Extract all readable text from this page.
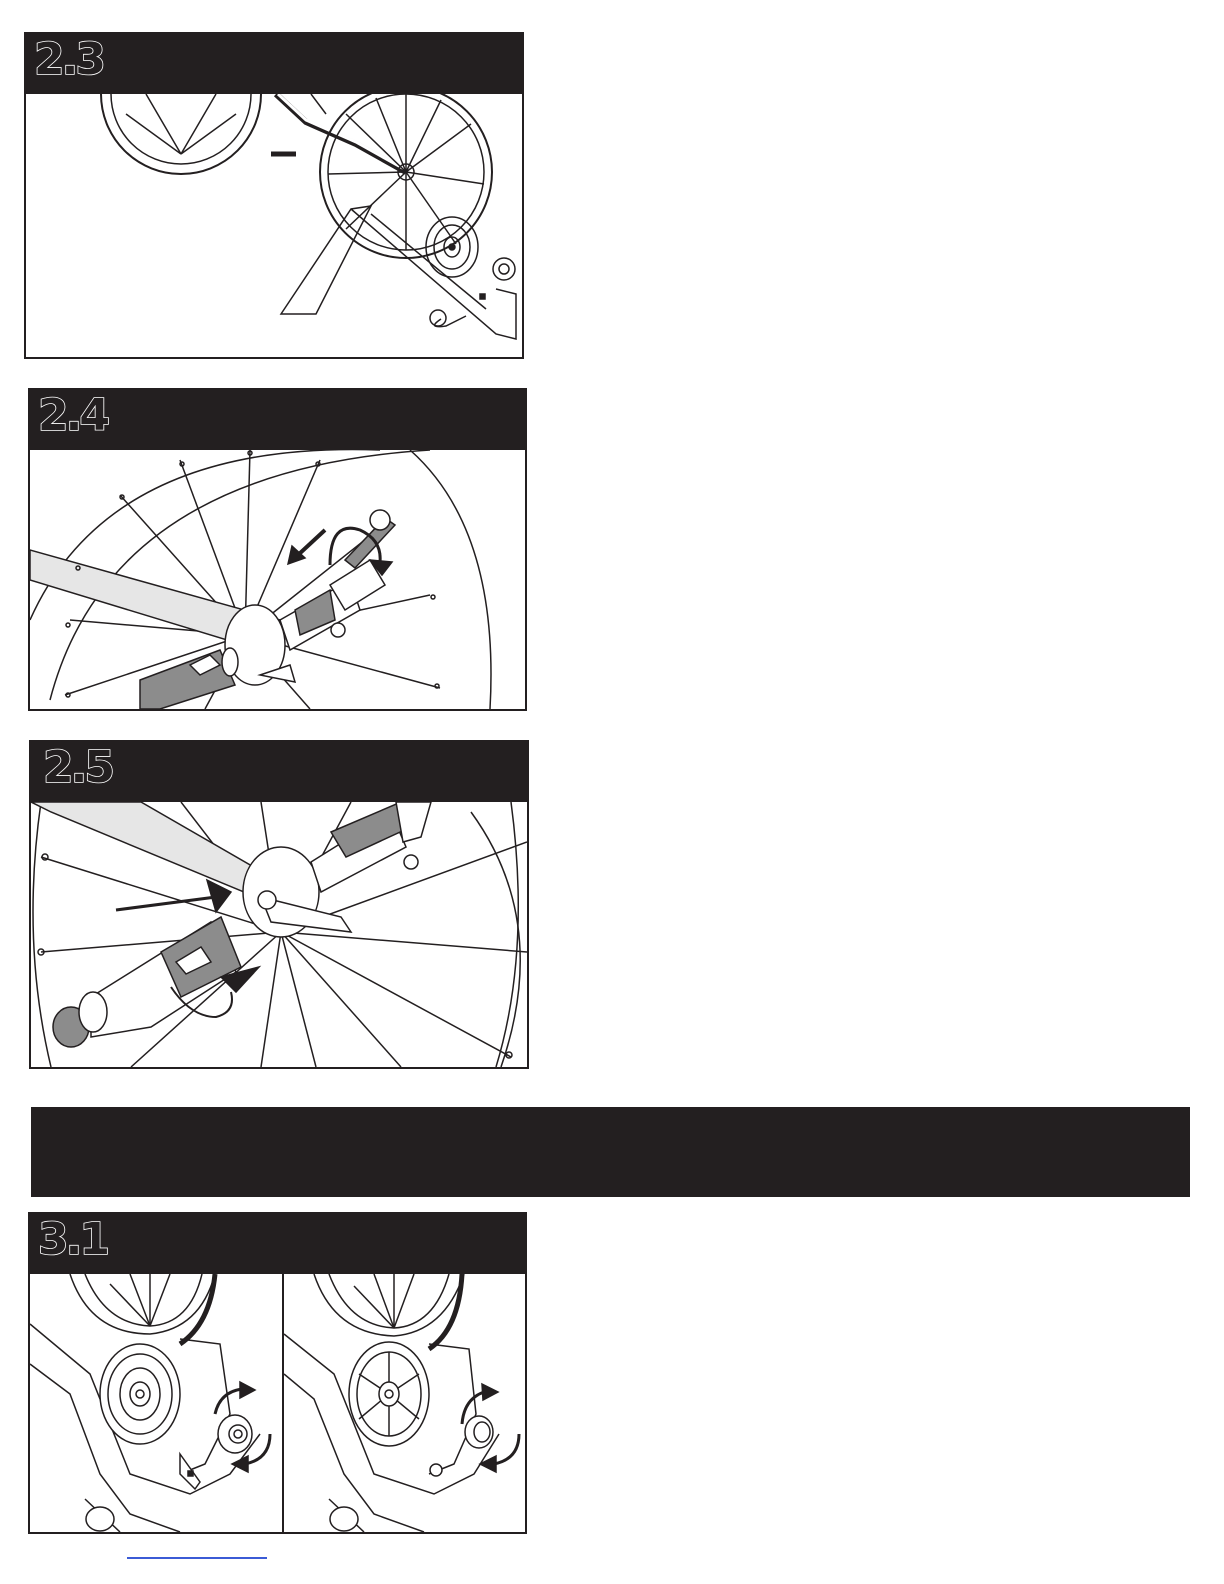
2.3
2.4
2.5
3.1
